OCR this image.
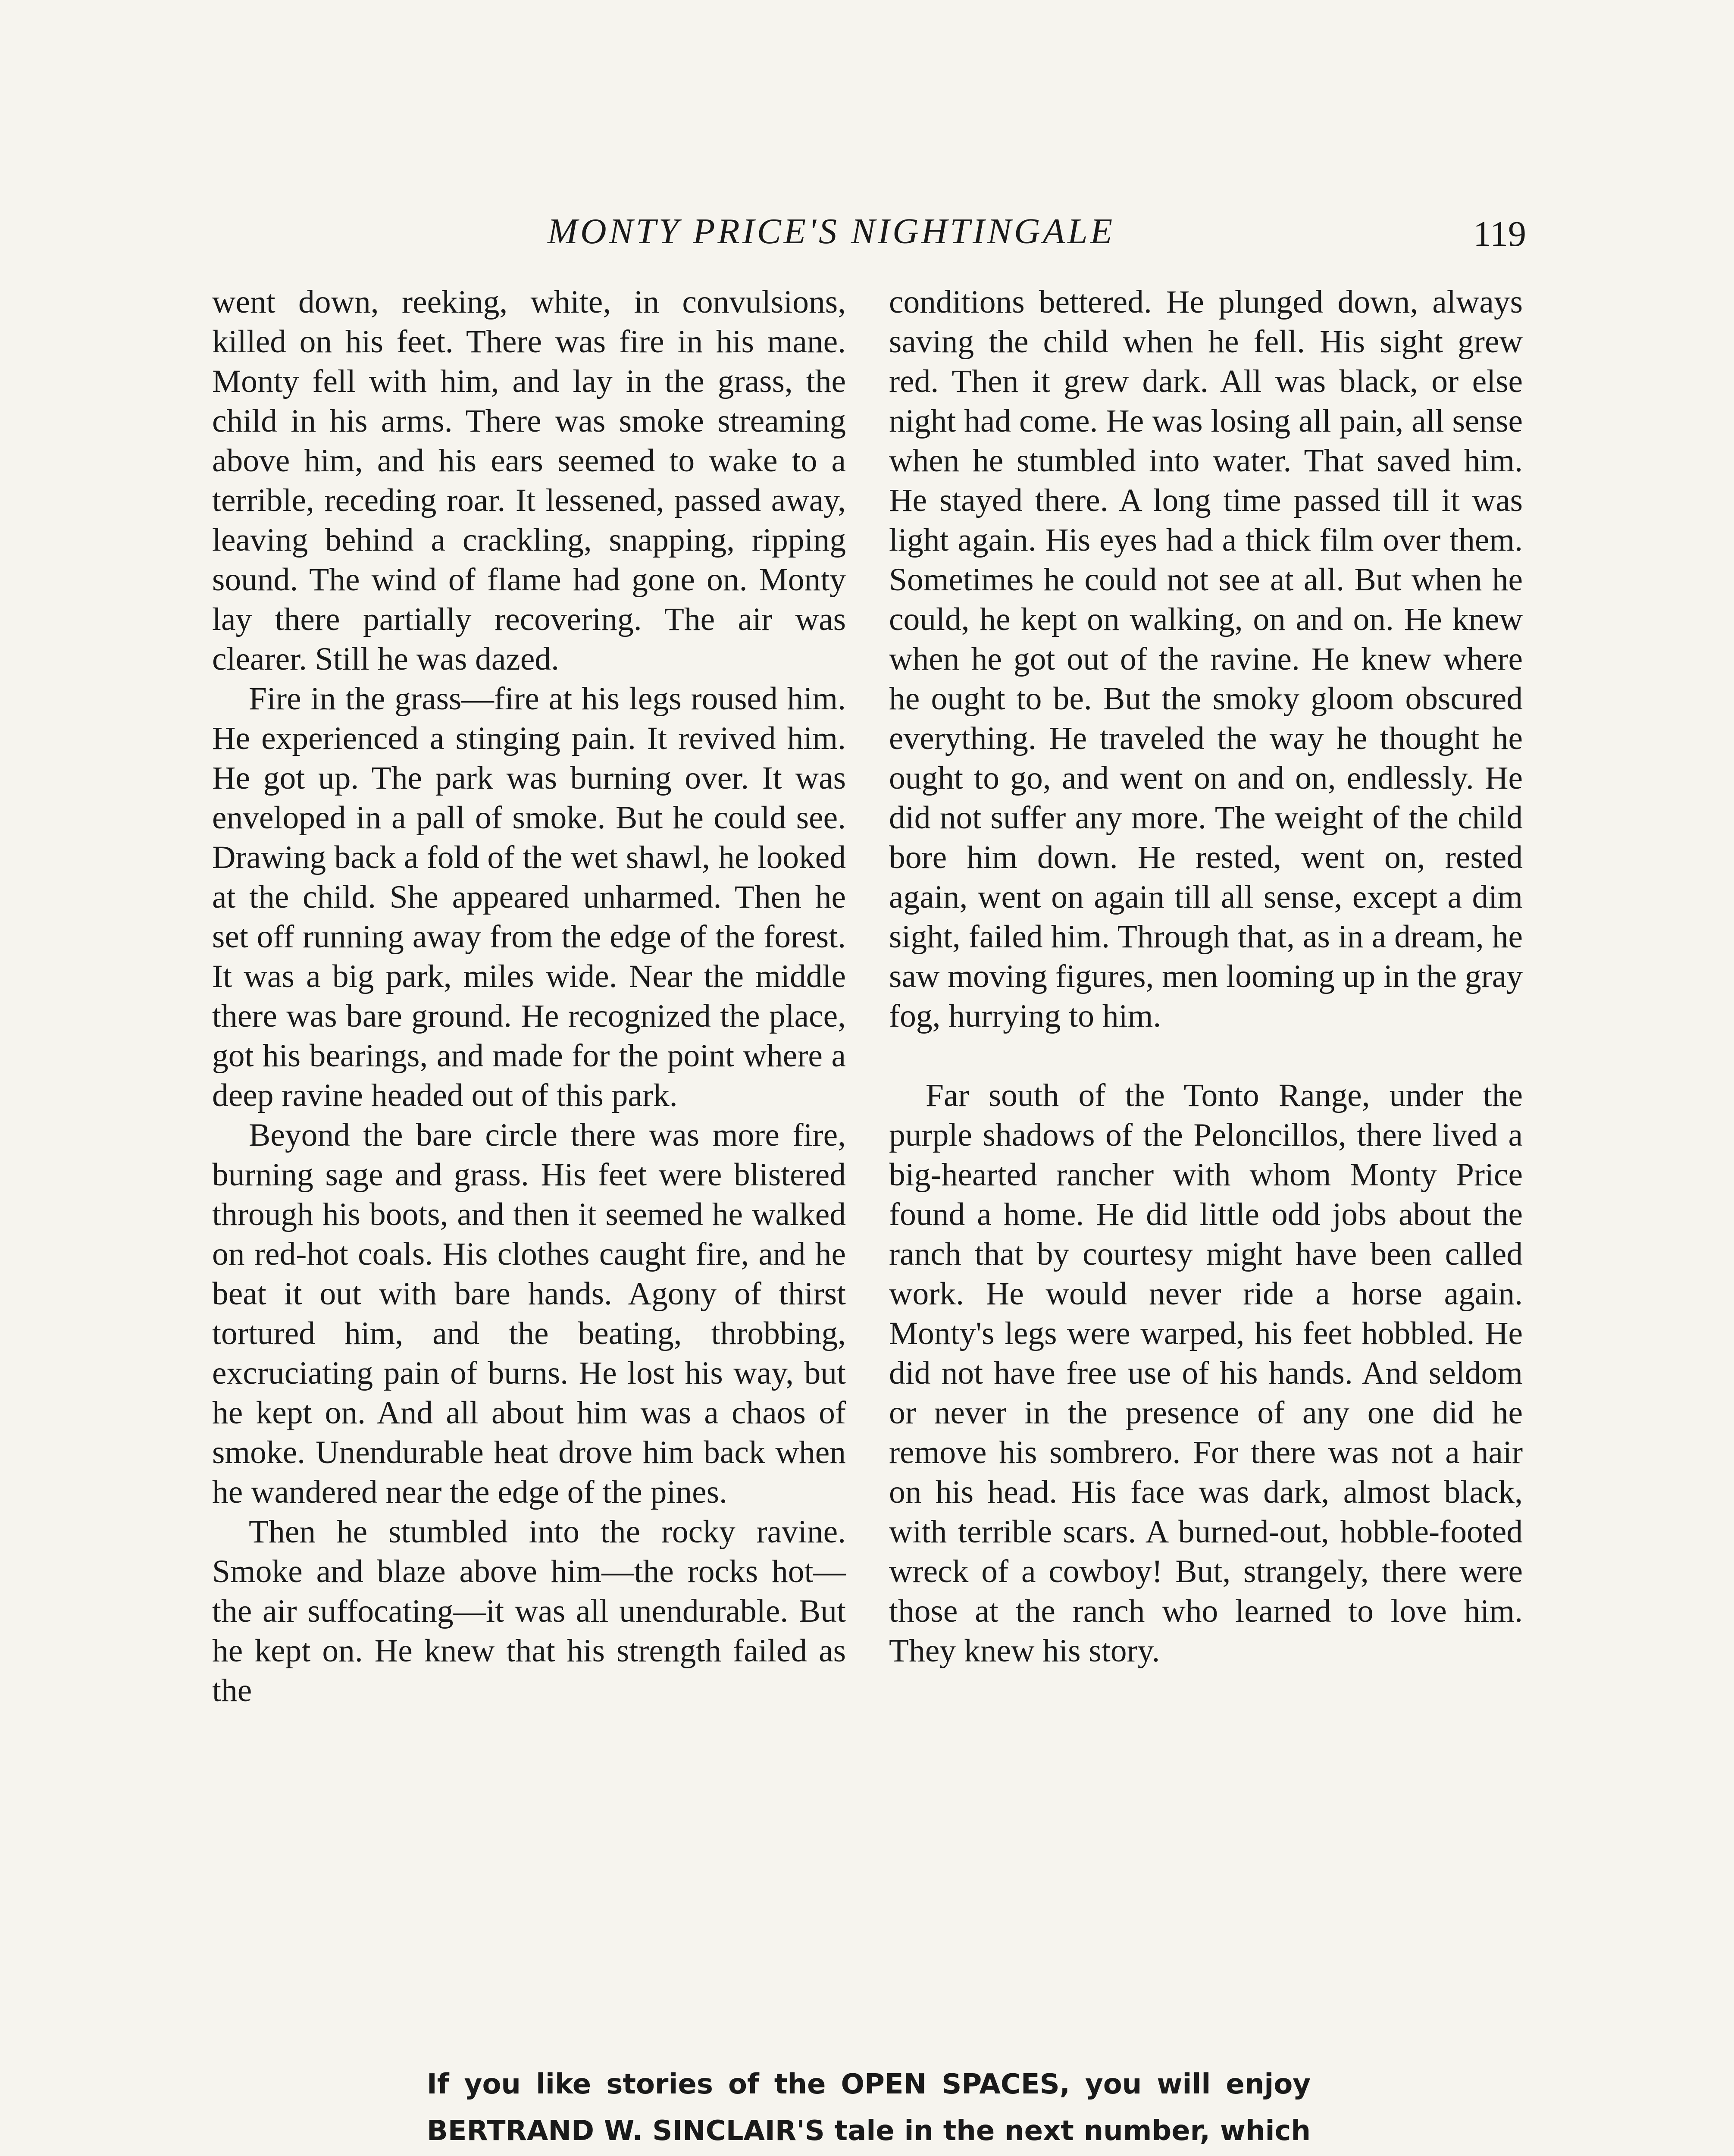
MONTY PRICE'S NIGHTINGALE	119

went down, reeking, white, in convulsions, killed on his feet. There was fire in his mane. Monty fell with him, and lay in the grass, the child in his arms. There was smoke streaming above him, and his ears seemed to wake to a terrible, receding roar. It lessened, passed away, leaving behind a crackling, snapping, ripping sound. The wind of flame had gone on. Monty lay there partially recovering. The air was clearer. Still he was dazed.

Fire in the grass—fire at his legs roused him. He experienced a stinging pain. It revived him. He got up. The park was burning over. It was enveloped in a pall of smoke. But he could see. Drawing back a fold of the wet shawl, he looked at the child. She appeared unharmed. Then he set off running away from the edge of the forest. It was a big park, miles wide. Near the middle there was bare ground. He recognized the place, got his bearings, and made for the point where a deep ravine headed out of this park.

Beyond the bare circle there was more fire, burning sage and grass. His feet were blistered through his boots, and then it seemed he walked on red-hot coals. His clothes caught fire, and he beat it out with bare hands. Agony of thirst tortured him, and the beating, throbbing, excruciating pain of burns. He lost his way, but he kept on. And all about him was a chaos of smoke. Unendurable heat drove him back when he wandered near the edge of the pines.

Then he stumbled into the rocky ravine. Smoke and blaze above him—the rocks hot—the air suffocating—it was all unendurable. But he kept on. He knew that his strength failed as the

conditions bettered. He plunged down, always saving the child when he fell. His sight grew red. Then it grew dark. All was black, or else night had come. He was losing all pain, all sense when he stumbled into water. That saved him. He stayed there. A long time passed till it was light again. His eyes had a thick film over them. Sometimes he could not see at all. But when he could, he kept on walking, on and on. He knew when he got out of the ravine. He knew where he ought to be. But the smoky gloom obscured everything. He traveled the way he thought he ought to go, and went on and on, endlessly. He did not suffer any more. The weight of the child bore him down. He rested, went on, rested again, went on again till all sense, except a dim sight, failed him. Through that, as in a dream, he saw moving figures, men looming up in the gray fog, hurrying to him.

Far south of the Tonto Range, under the purple shadows of the Peloncillos, there lived a big-hearted rancher with whom Monty Price found a home. He did little odd jobs about the ranch that by courtesy might have been called work. He would never ride a horse again. Monty's legs were warped, his feet hobbled. He did not have free use of his hands. And seldom or never in the presence of any one did he remove his sombrero. For there was not a hair on his head. His face was dark, almost black, with terrible scars. A burned-out, hobble-footed wreck of a cowboy! But, strangely, there were those at the ranch who learned to love him. They knew his story.

If you like stories of the OPEN SPACES, you will enjoy BERTRAND W. SINCLAIR'S tale in the next number, which
